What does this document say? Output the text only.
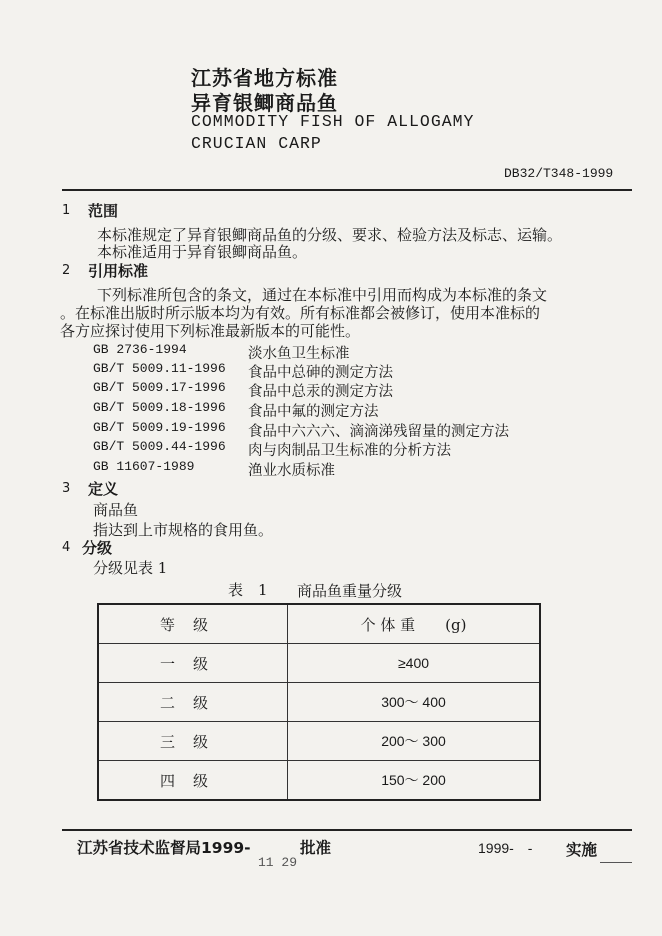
江苏省地方标准
异育银鲫商品鱼
COMMODITY FISH OF ALLOGAMY
CRUCIAN CARP
DB32/T348-1999
1 范围
本标准规定了异育银鲫商品鱼的分级、要求、检验方法及标志、运输。
本标准适用于异育银鲫商品鱼。
2 引用标准
下列标准所包含的条文，通过在本标准中引用而构成为本标准的条文
。在标准出版时所示版本均为有效。所有标准都会被修订，使用本准标的
各方应探讨使用下列标准最新版本的可能性。
GB 2736-1994	淡水鱼卫生标准
GB/T 5009.11-1996 食品中总砷的测定方法
GB/T 5009.17-1996 食品中总汞的测定方法
GB/T 5009.18-1996 食品中氟的测定方法
GB/T 5009.19-1996 食品中六六六、滴滴涕残留量的测定方法
GB/T 5009.44-1996 肉与肉制品卫生标准的分析方法
GB 11607-1989	渔业水质标准
3 定义
商品鱼
指达到上市规格的食用鱼。
4 分级
分级见表 1
表　1 商品鱼重量分级
等级	个 体 重　　(g)
一级	≥400
二级	300～ 400
三级	200～ 300
四级	150～ 200
江苏省技术监督局1999-	批准
11 29
1999-　- 实施
